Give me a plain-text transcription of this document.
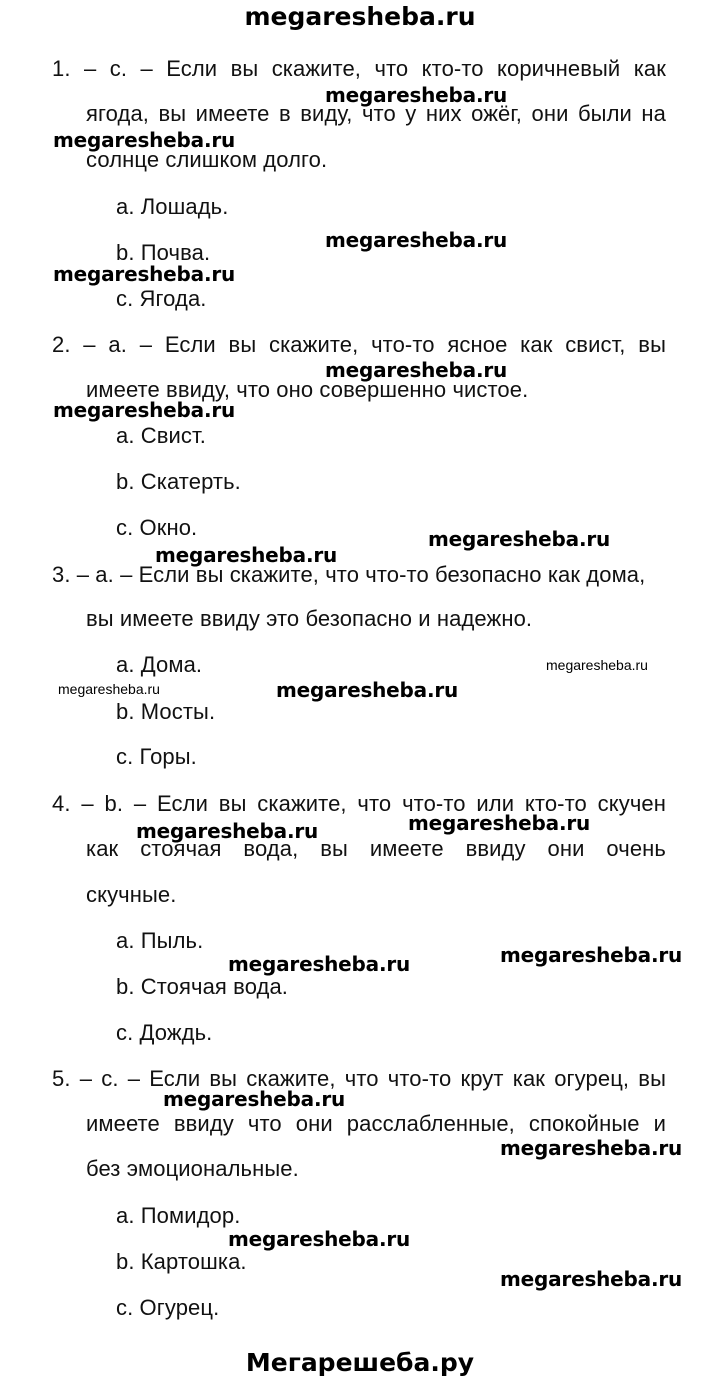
megaresheba.ru
1. – с. – Если вы скажите, что кто-то коричневый как
ягода, вы имеете в виду, что у них ожёг, они были на
солнце слишком долго.
a. Лошадь.
b. Почва.
c. Ягода.
2. – а. – Если вы скажите, что-то ясное как свист, вы
имеете ввиду, что оно совершенно чистое.
a. Свист.
b. Скатерть.
c. Окно.
3. – a. – Если вы скажите, что что-то безопасно как дома,
вы имеете ввиду это безопасно и надежно.
a. Дома.
b. Мосты.
c. Горы.
4. – b. – Если вы скажите, что что-то или кто-то скучен
как стоячая вода, вы имеете ввиду они очень
скучные.
a. Пыль.
b. Стоячая вода.
c. Дождь.
5. – c. – Если вы скажите, что что-то крут как огурец, вы
имеете ввиду что они расслабленные, спокойные и
без эмоциональные.
a. Помидор.
b. Картошка.
c. Огурец.
megaresheba.ru
megaresheba.ru
megaresheba.ru
megaresheba.ru
megaresheba.ru
megaresheba.ru
megaresheba.ru
megaresheba.ru
megaresheba.ru
megaresheba.ru	megaresheba.ru
megaresheba.ru	megaresheba.ru
megaresheba.ru
megaresheba.ru
megaresheba.ru
megaresheba.ru
megaresheba.ru
megaresheba.ru
Мегарешеба.ру
